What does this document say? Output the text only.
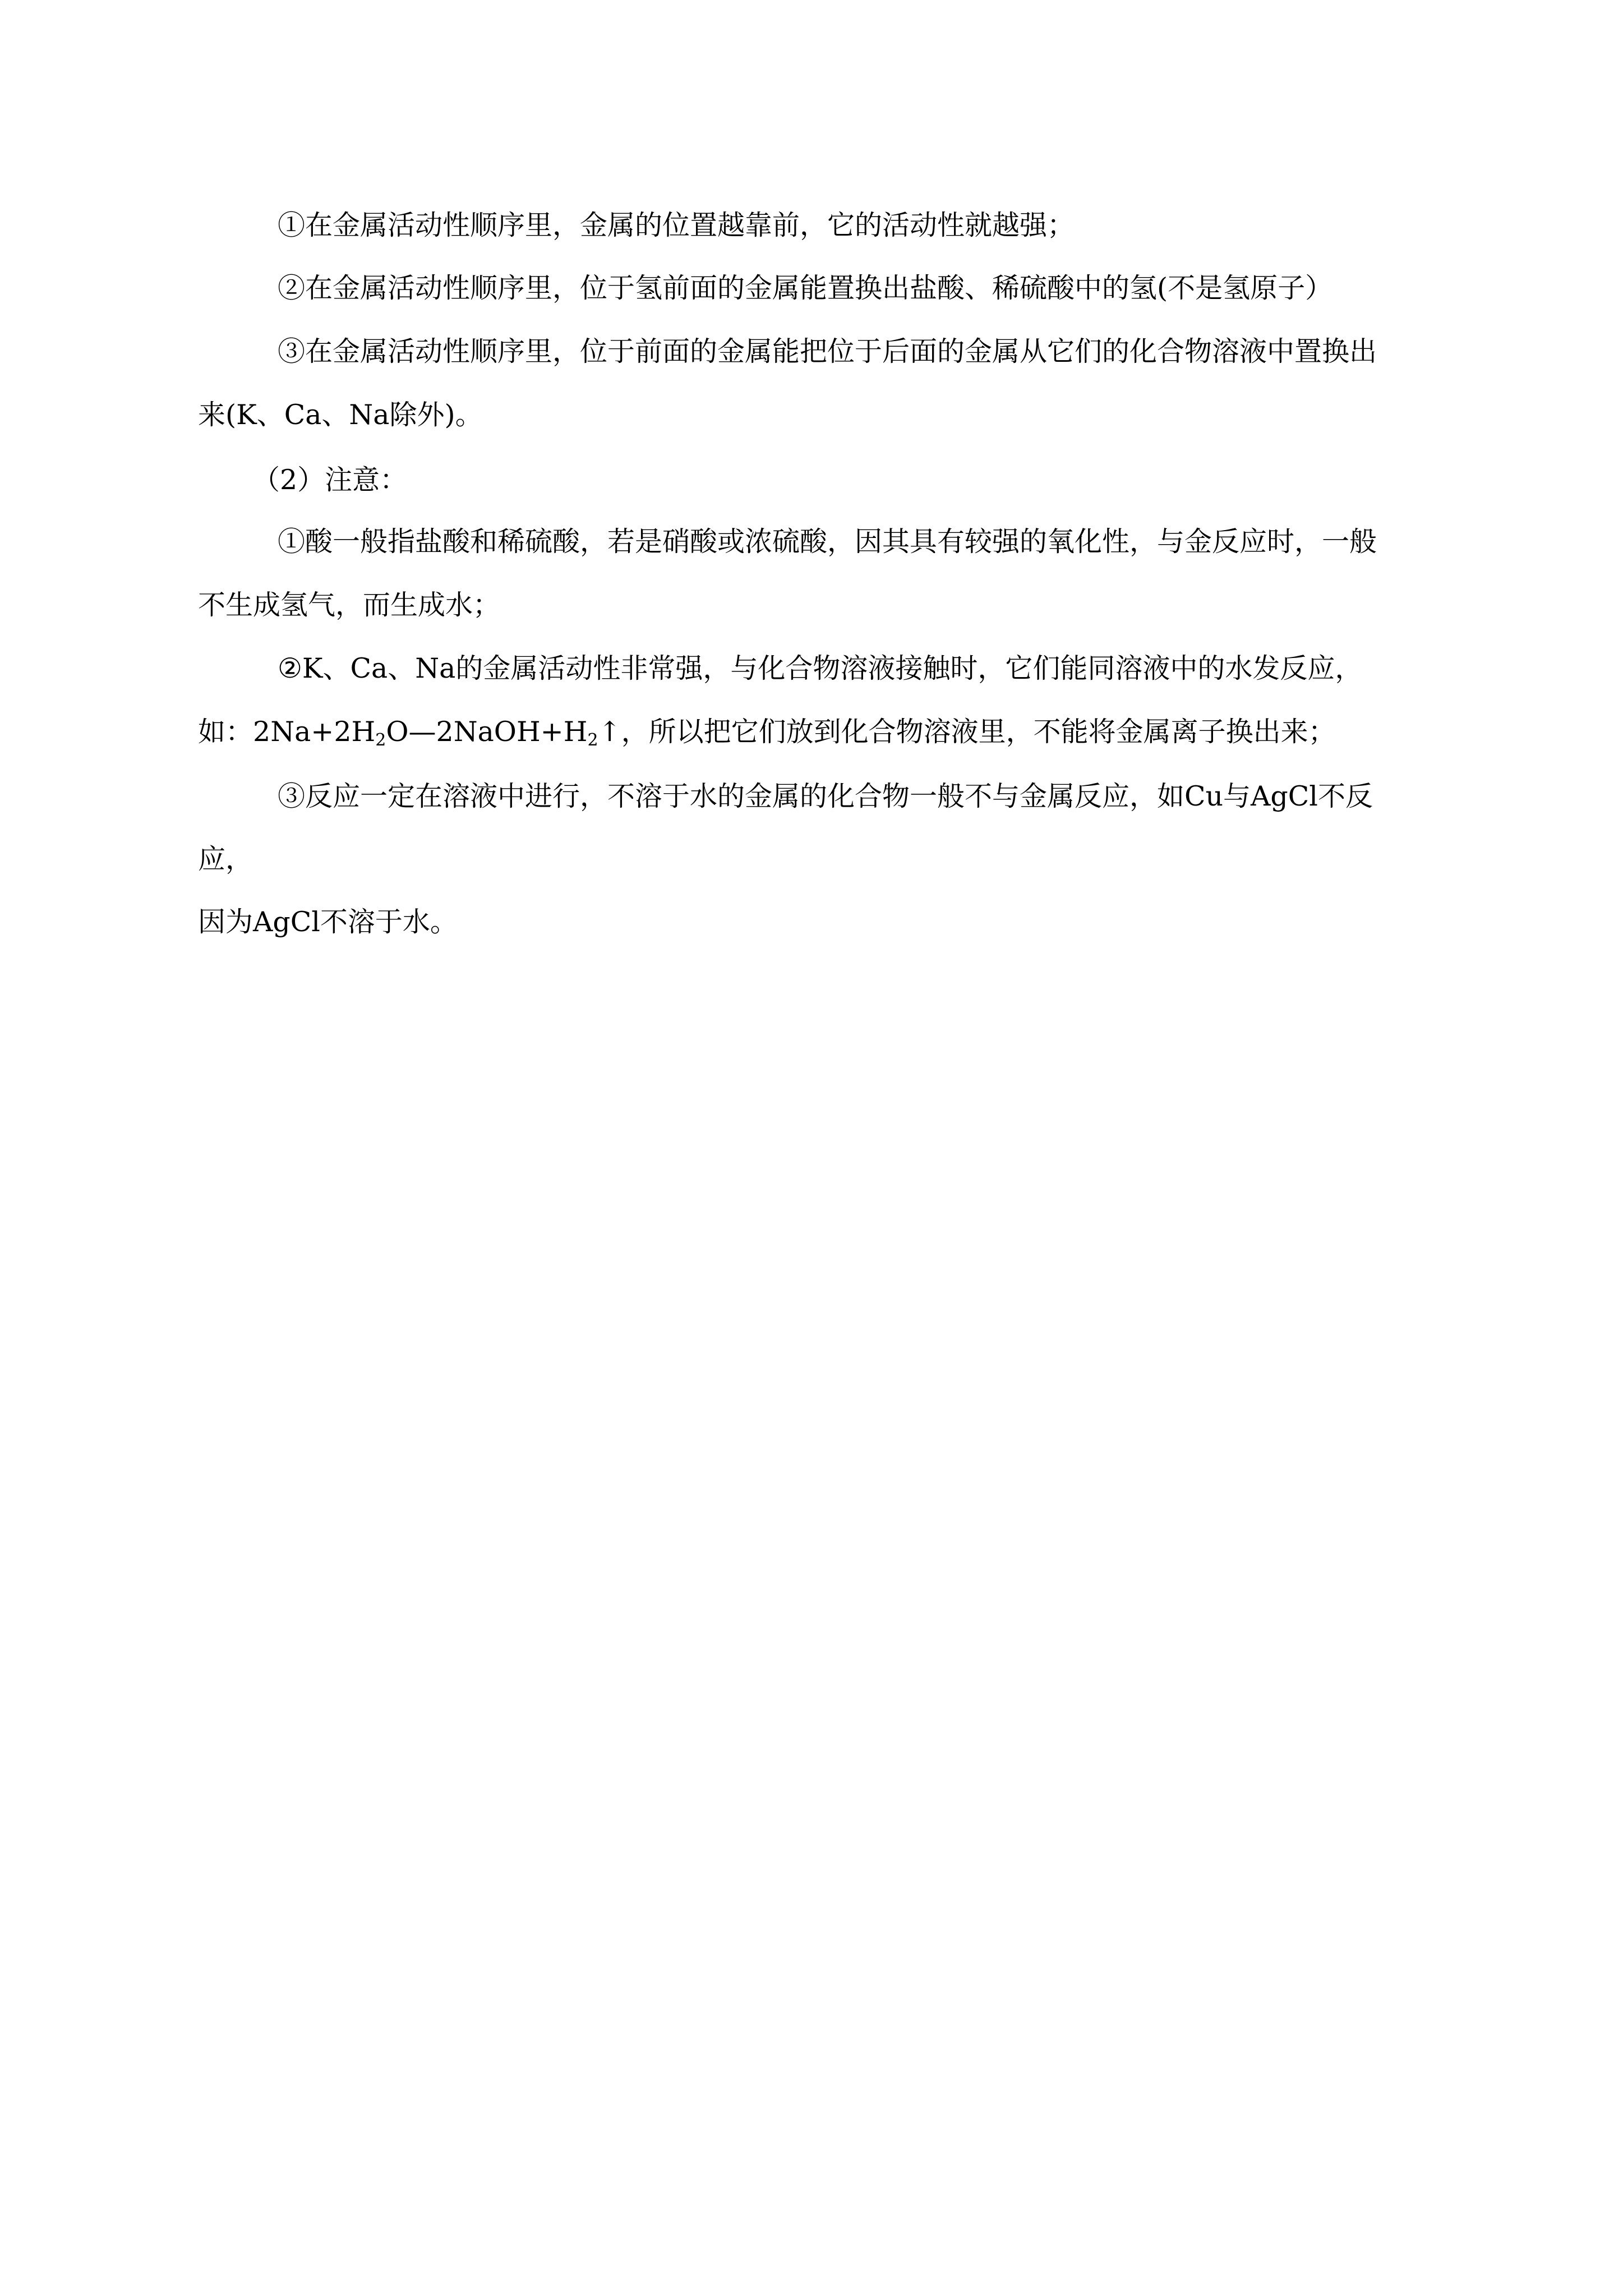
①在金属活动性顺序里，金属的位置越靠前，它的活动性就越强；
②在金属活动性顺序里，位于氢前面的金属能置换出盐酸、稀硫酸中的氢(不是氢原子）
③在金属活动性顺序里，位于前面的金属能把位于后面的金属从它们的化合物溶液中置换出
来(K、Ca、Na除外)。
（2）注意：
①酸一般指盐酸和稀硫酸，若是硝酸或浓硫酸，因其具有较强的氧化性，与金反应时，一般
不生成氢气，而生成水；
②K、Ca、Na的金属活动性非常强，与化合物溶液接触时，它们能同溶液中的水发反应，
如：$2Na+2H_2O—2NaOH+H_2↑$，所以把它们放到化合物溶液里，不能将金属离子换出来；
③反应一定在溶液中进行，不溶于水的金属的化合物一般不与金属反应，如Cu与AgCl不反
应，
因为AgCl不溶于水。
